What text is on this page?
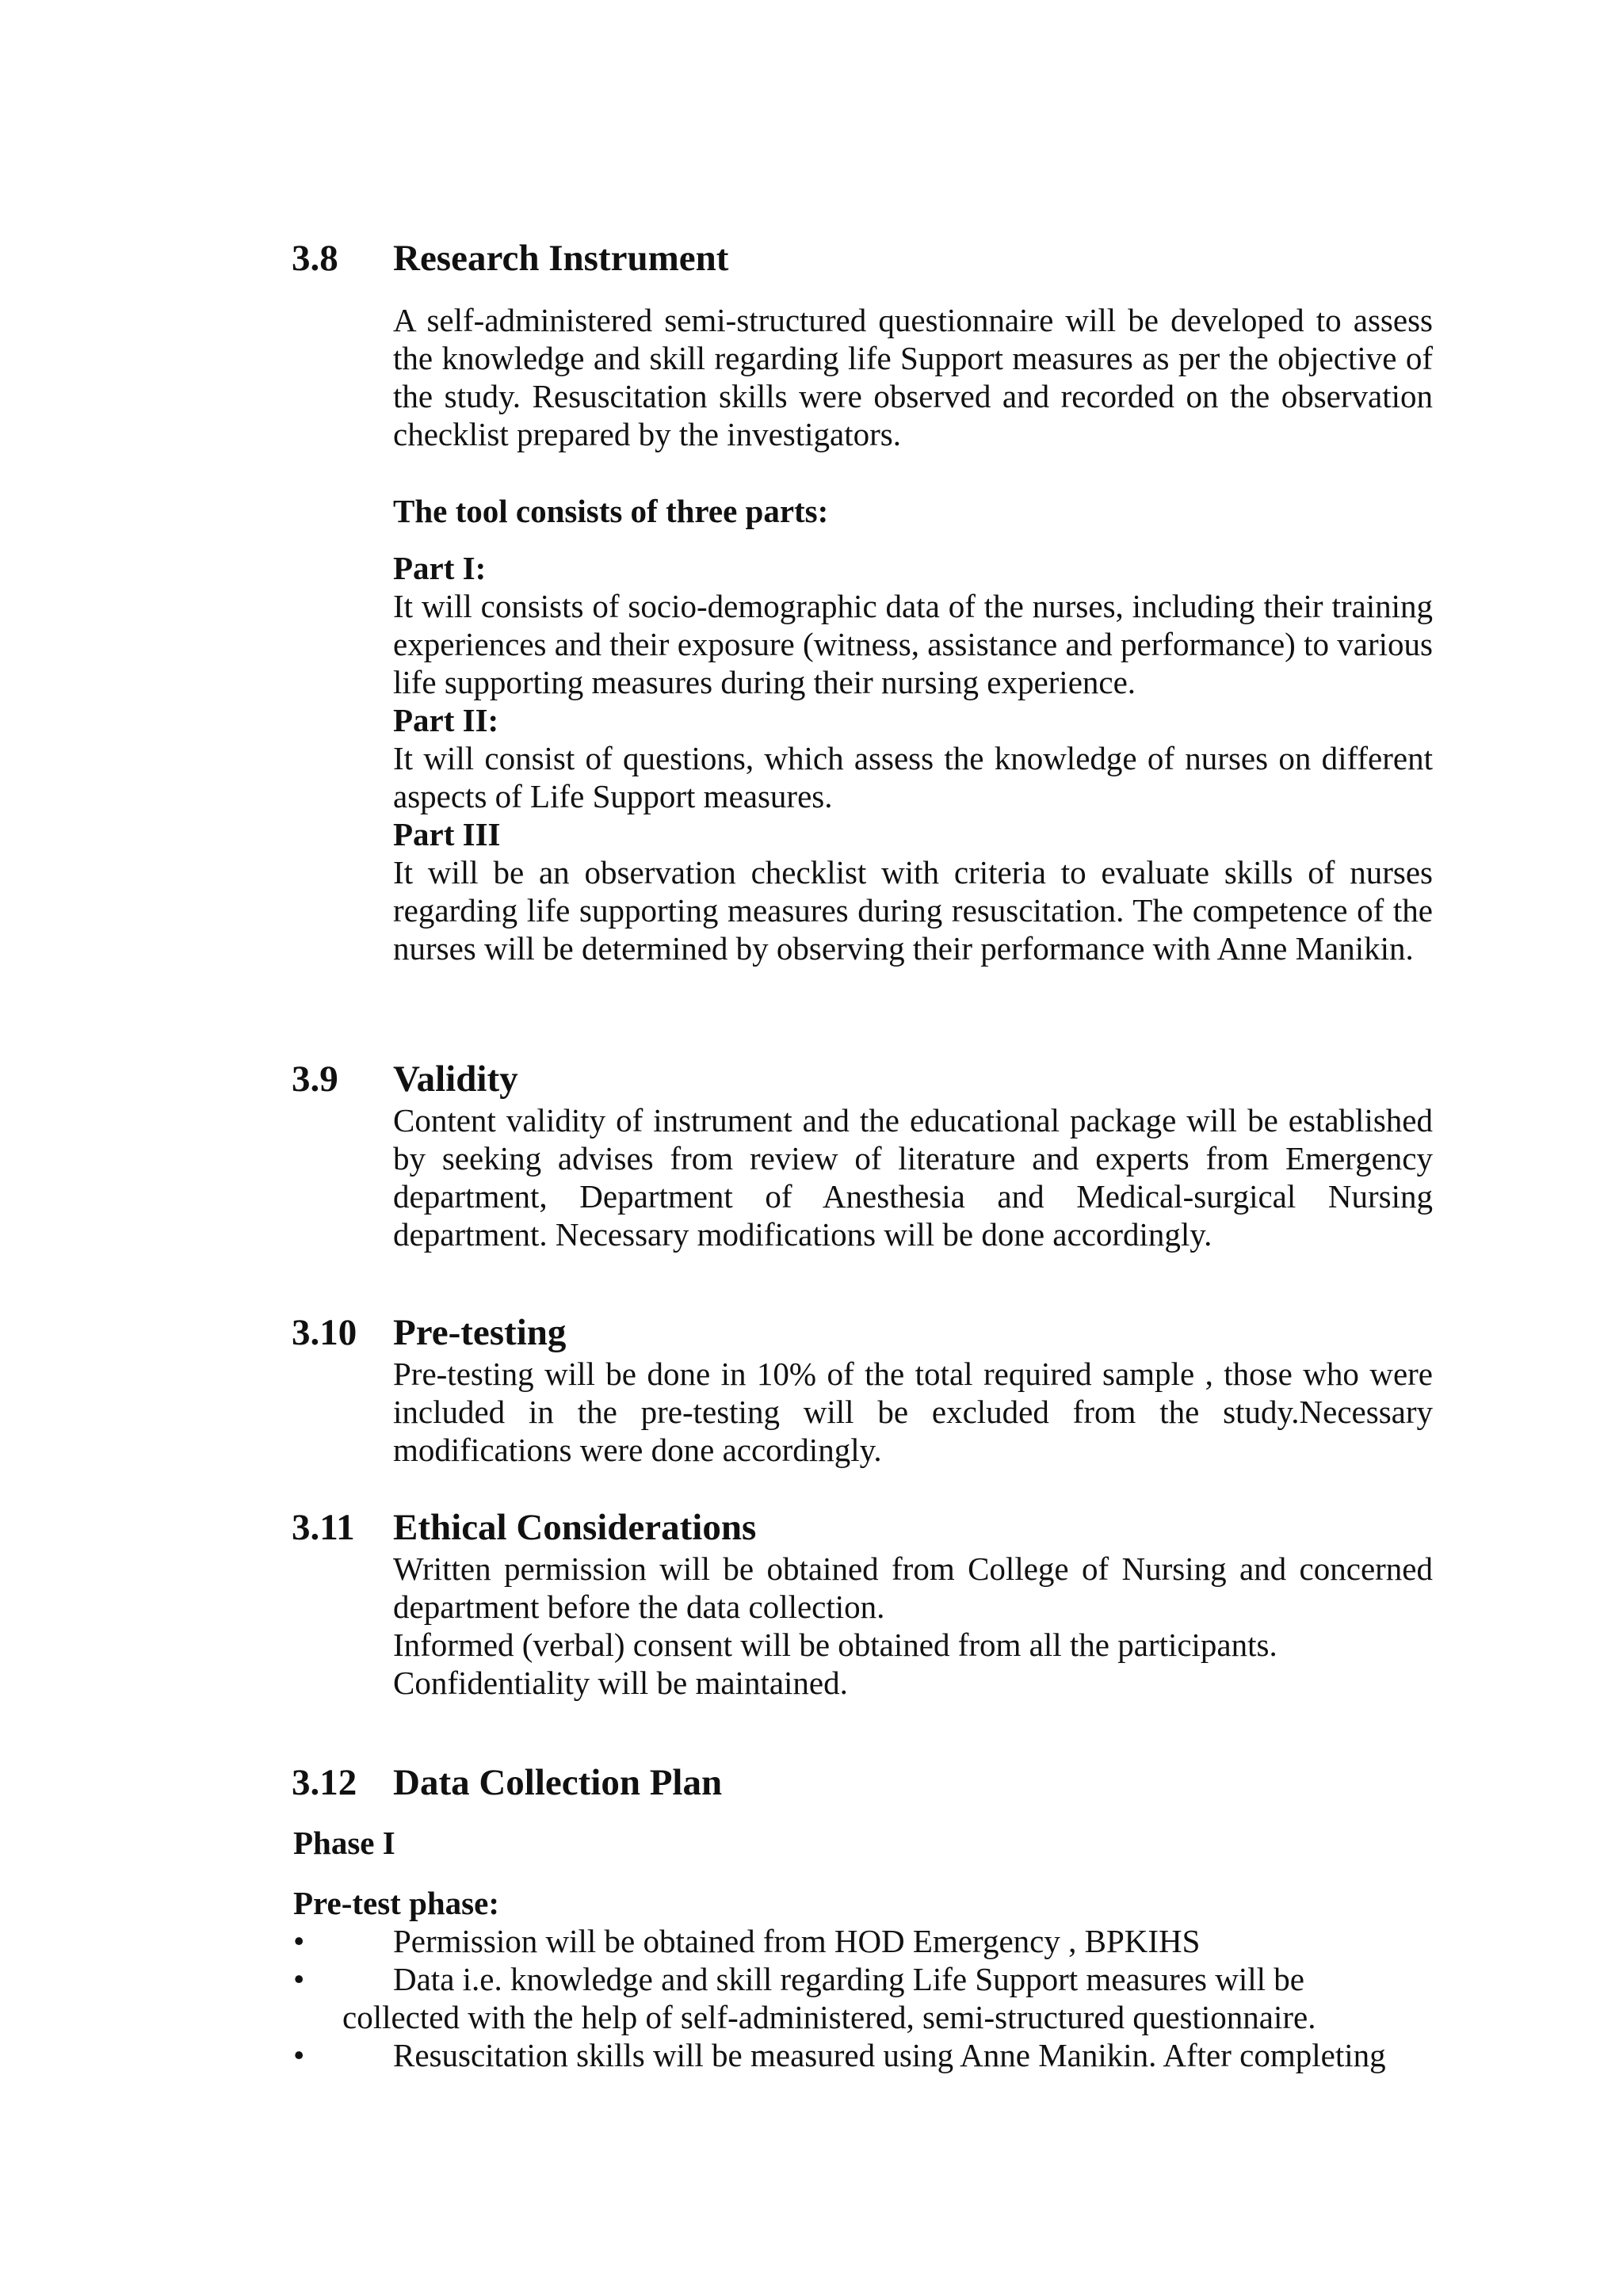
3.8 Research Instrument

A self-administered semi-structured questionnaire will be developed to assess the knowledge and skill regarding life Support measures as per the objective of the study. Resuscitation skills were observed and recorded on the observation checklist prepared by the investigators.

The tool consists of three parts:

Part I:

It will consists of socio-demographic data of the nurses, including their training experiences and their exposure (witness, assistance and performance) to various life supporting measures during their nursing experience.

Part II:

It will consist of questions, which assess the knowledge of nurses on different aspects of Life Support measures.

Part III

It will be an observation checklist with criteria to evaluate skills of nurses regarding life supporting measures during resuscitation. The competence of the nurses will be determined by observing their performance with Anne Manikin.

3.9 Validity

Content validity of instrument and the educational package will be established by seeking advises from review of literature and experts from Emergency department, Department of Anesthesia and Medical-surgical Nursing department. Necessary modifications will be done accordingly.

3.10 Pre-testing

Pre-testing will be done in 10% of the total required sample , those who were included in the pre-testing will be excluded from the study.Necessary modifications were done accordingly.

3.11 Ethical Considerations

Written permission will be obtained from College of Nursing and concerned department before the data collection.

Informed (verbal) consent will be obtained from all the participants.

Confidentiality will be maintained.

3.12 Data Collection Plan
Phase I
Pre-test phase:
•	Permission will be obtained from HOD Emergency , BPKIHS
•	Data i.e. knowledge and skill regarding Life Support measures will be
collected with the help of self-administered, semi-structured questionnaire.
•	Resuscitation skills will be measured using Anne Manikin. After completing
